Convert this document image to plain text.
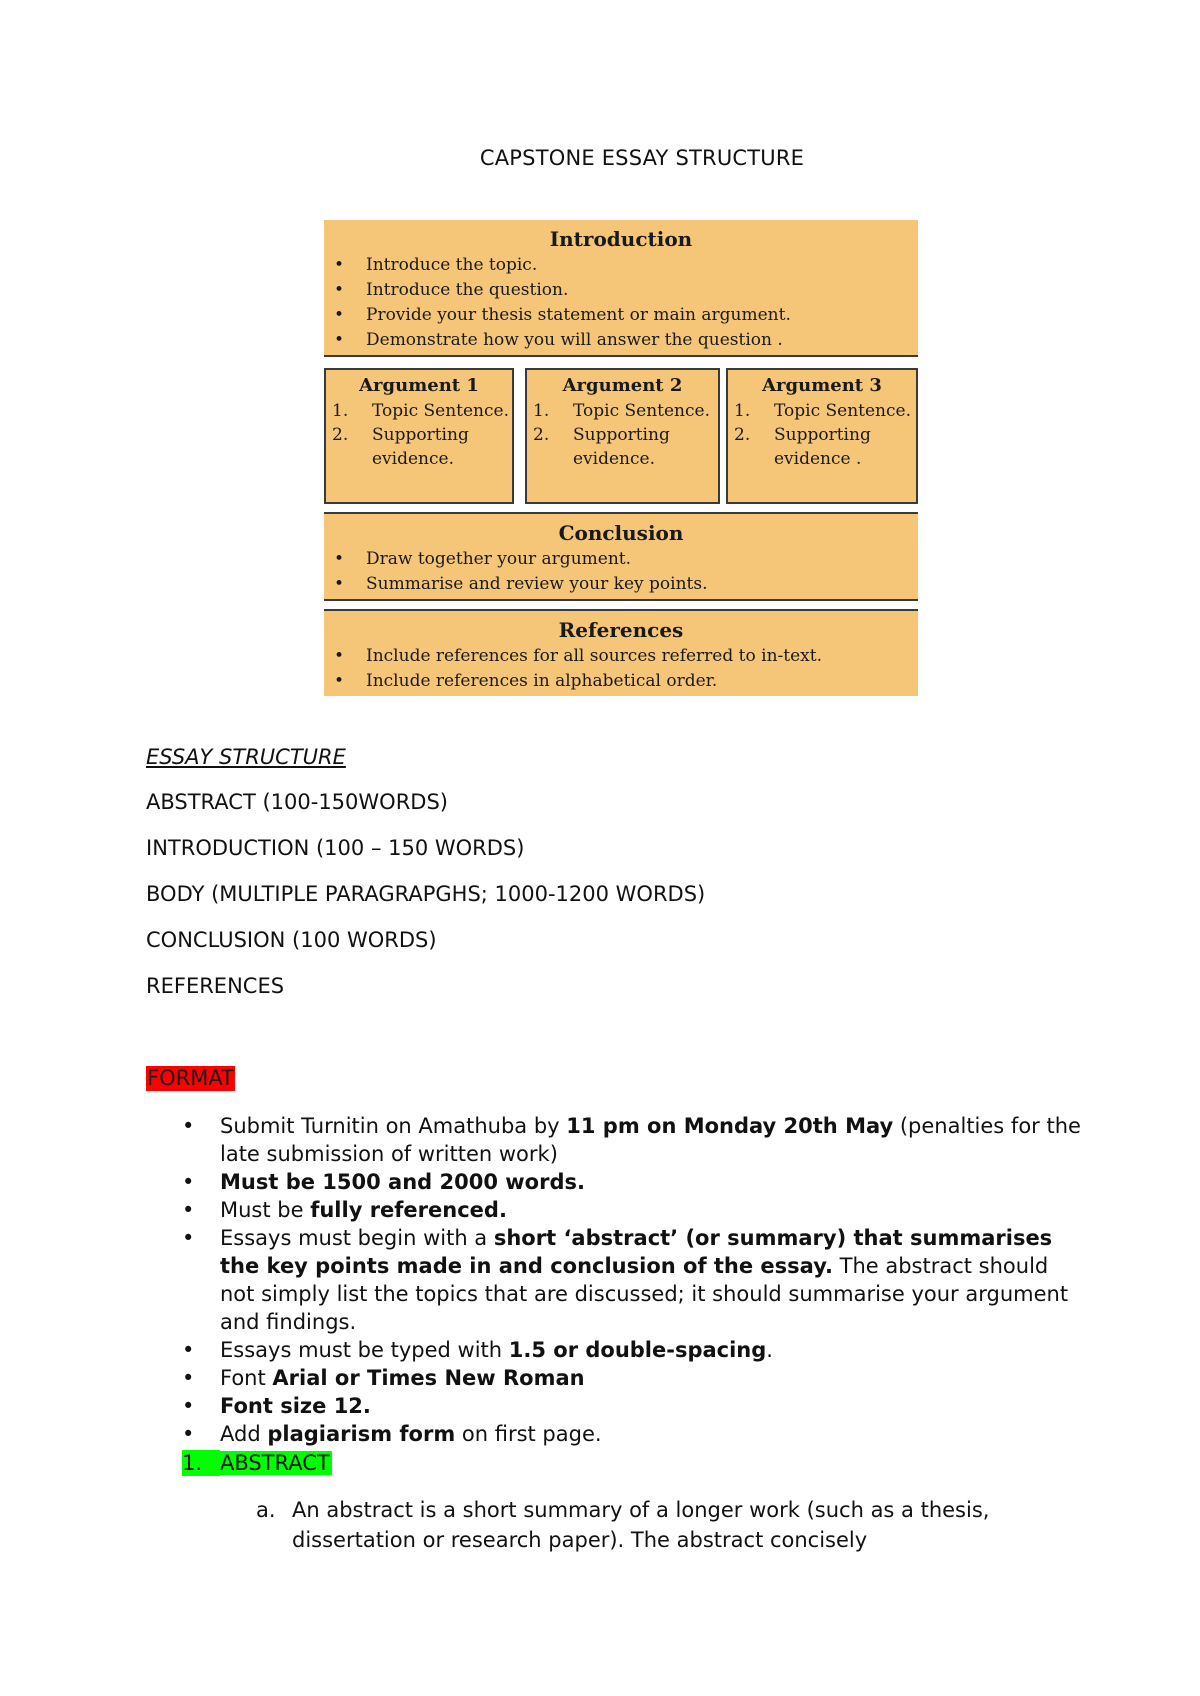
CAPSTONE ESSAY STRUCTURE
Introduction
• Introduce the topic.
• Introduce the question.
• Provide your thesis statement or main argument.
• Demonstrate how you will answer the question .
Argument 1
1. Topic Sentence.
2. Supporting evidence.
Argument 2
1. Topic Sentence.
2. Supporting evidence.
Argument 3
1. Topic Sentence.
2. Supporting evidence .
Conclusion
• Draw together your argument.
• Summarise and review your key points.
References
• Include references for all sources referred to in-text.
• Include references in alphabetical order.
ESSAY STRUCTURE
ABSTRACT (100-150WORDS)
INTRODUCTION (100 – 150 WORDS)
BODY (MULTIPLE PARAGRAPGHS; 1000-1200 WORDS)
CONCLUSION (100 WORDS)
REFERENCES
FORMAT
• Submit Turnitin on Amathuba by 11 pm on Monday 20th May (penalties for the late submission of written work)
• Must be 1500 and 2000 words.
• Must be fully referenced.
• Essays must begin with a short ‘abstract’ (or summary) that summarises the key points made in and conclusion of the essay. The abstract should not simply list the topics that are discussed; it should summarise your argument and findings.
• Essays must be typed with 1.5 or double-spacing.
• Font Arial or Times New Roman
• Font size 12.
• Add plagiarism form on first page.
1. ABSTRACT
a. An abstract is a short summary of a longer work (such as a thesis, dissertation or research paper). The abstract concisely
